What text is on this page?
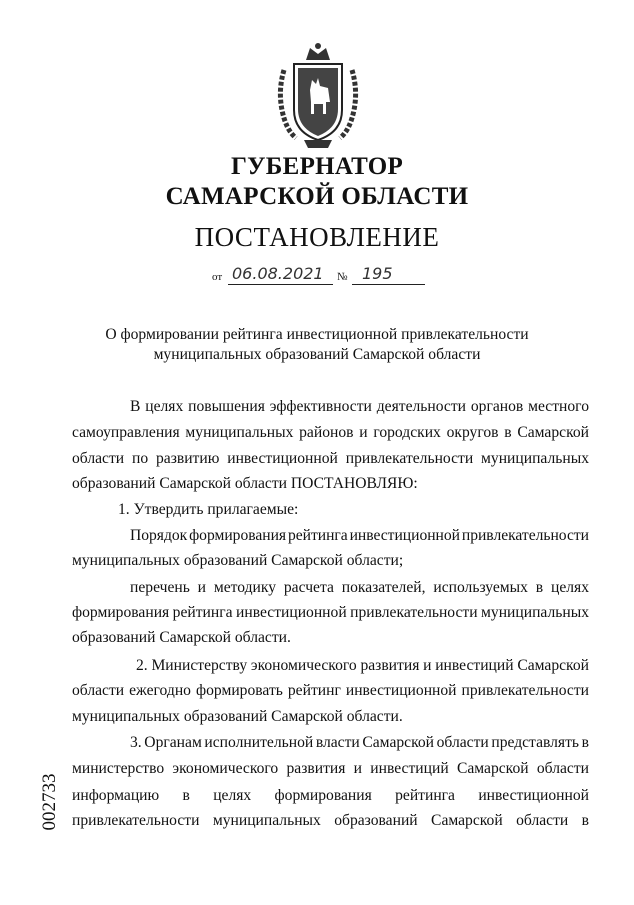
ГУБЕРНАТОР
САМАРСКОЙ ОБЛАСТИ
ПОСТАНОВЛЕНИЕ
от 06.08.2021 № 195
О формировании рейтинга инвестиционной привлекательности
муниципальных образований Самарской области
В целях повышения эффективности деятельности органов местного
самоуправления муниципальных районов и городских округов в Самарской
области по развитию инвестиционной привлекательности муниципальных
образований Самарской области ПОСТАНОВЛЯЮ:
1. Утвердить прилагаемые:
Порядок формирования рейтинга инвестиционной привлекательности
муниципальных образований Самарской области;
перечень и методику расчета показателей, используемых в целях
формирования рейтинга инвестиционной привлекательности муниципальных
образований Самарской области.
2. Министерству экономического развития и инвестиций Самарской
области ежегодно формировать рейтинг инвестиционной привлекательности
муниципальных образований Самарской области.
3. Органам исполнительной власти Самарской области представлять в
министерство экономического развития и инвестиций Самарской области
информацию в целях формирования рейтинга инвестиционной
привлекательности муниципальных образований Самарской области в
002733
